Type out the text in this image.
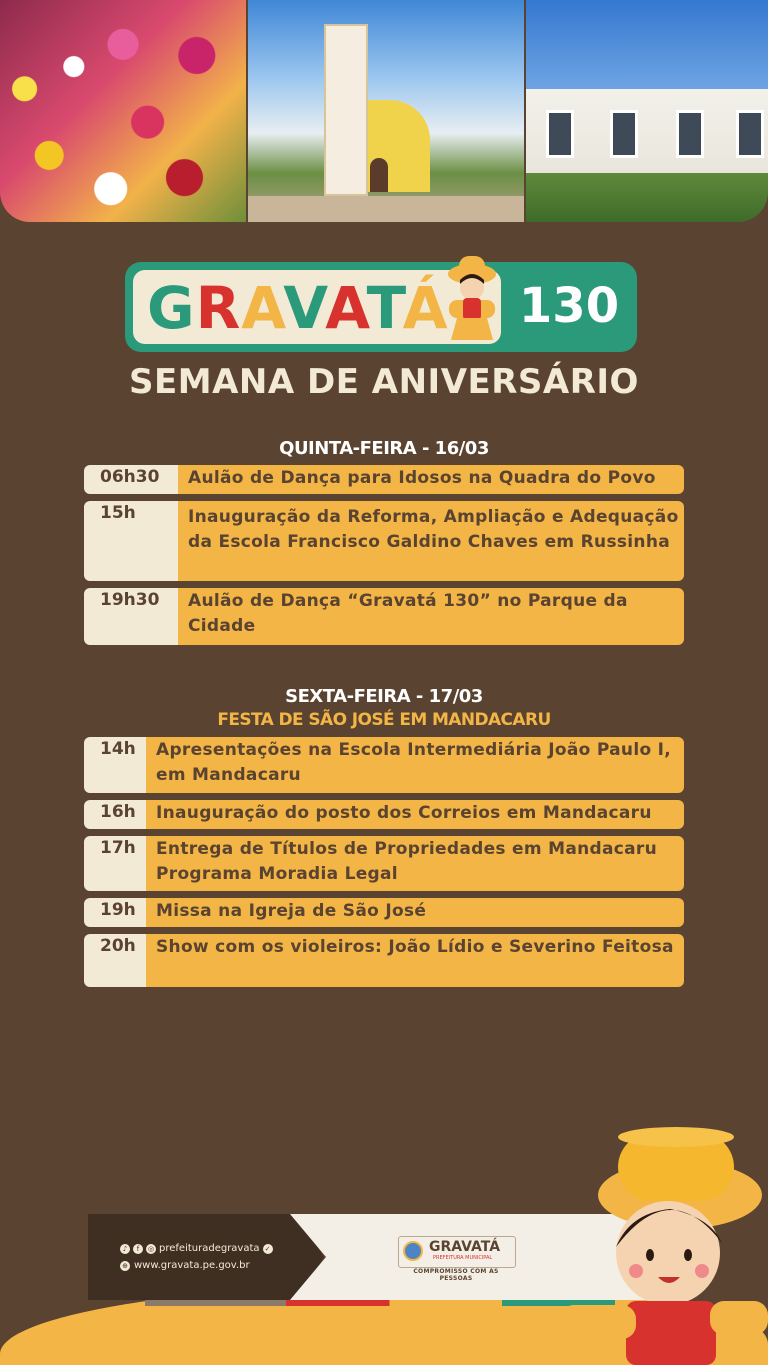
GRAVATÁ 130
SEMANA DE ANIVERSÁRIO
QUINTA-FEIRA - 16/03
06h30	Aulão de Dança para Idosos na Quadra do Povo
15h	Inauguração da Reforma, Ampliação e Adequação da Escola Francisco Galdino Chaves em Russinha
19h30	Aulão de Dança “Gravatá 130” no Parque da Cidade
SEXTA-FEIRA - 17/03
FESTA DE SÃO JOSÉ EM MANDACARU
14h	Apresentações na Escola Intermediária João Paulo I, em Mandacaru
16h	Inauguração do posto dos Correios em Mandacaru
17h	Entrega de Títulos de Propriedades em Mandacaru Programa Moradia Legal
19h	Missa na Igreja de São José
20h	Show com os violeiros: João Lídio e Severino Feitosa
♪	f	◎ prefeituradegravata ✓
⊕ www.gravata.pe.gov.br
GRAVATÁ
PREFEITURA MUNICIPAL
COMPROMISSO COM AS PESSOAS
